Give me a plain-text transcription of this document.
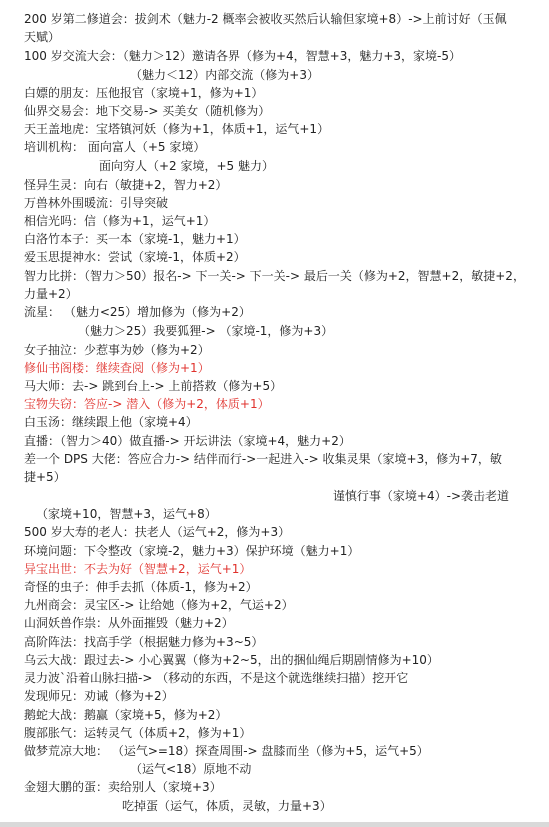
200 岁第二修道会：拔剑术（魅力-2 概率会被收买然后认输但家境+8）->上前讨好（玉佩
天赋）
100 岁交流大会：（魅力＞12）邀请各界（修为+4，智慧+3，魅力+3，家境-5）
（魅力＜12）内部交流（修为+3）
白嫖的朋友：压他报官（家境+1，修为+1）
仙界交易会：地下交易-> 买美女（随机修为）
天王盖地虎：宝塔镇河妖（修为+1，体质+1，运气+1）
培训机构： 面向富人（+5 家境）
面向穷人（+2 家境，+5 魅力）
怪异生灵：向右（敏捷+2，智力+2）
万兽林外围暖流：引导突破
相信光吗：信（修为+1，运气+1）
白洛竹本子：买一本（家境-1，魅力+1）
爱玉思提神水：尝试（家境-1，体质+2）
智力比拼：（智力＞50）报名-> 下一关-> 下一关-> 最后一关（修为+2，智慧+2，敏捷+2，
力量+2）
流星： （魅力<25）增加修为（修为+2）
（魅力＞25）我要狐狸-> （家境-1，修为+3）
女子抽泣：少惹事为妙（修为+2）
修仙书阁楼：继续查阅（修为+1）
马大师：去-> 跳到台上-> 上前搭救（修为+5）
宝物失窃：答应-> 潜入（修为+2，体质+1）
白玉汤：继续跟上他（家境+4）
直播：（智力＞40）做直播-> 开坛讲法（家境+4，魅力+2）
差一个 DPS 大佬：答应合力-> 结伴而行->一起进入-> 收集灵果（家境+3，修为+7，敏
捷+5）
谨慎行事（家境+4）->袭击老道
（家境+10，智慧+3，运气+8）
500 岁大寿的老人：扶老人（运气+2，修为+3）
环境问题：下令整改（家境-2，魅力+3）保护环境（魅力+1）
异宝出世：不去为好（智慧+2，运气+1）
奇怪的虫子：伸手去抓（体质-1，修为+2）
九州商会：灵宝区-> 让给她（修为+2，气运+2）
山洞妖兽作祟：从外面摧毁（魅力+2）
高阶阵法：找高手学（根据魅力修为+3~5）
乌云大战：跟过去-> 小心翼翼（修为+2~5，出的捆仙绳后期剧情修为+10）
灵力波`沿着山脉扫描-> （移动的东西，不是这个就选继续扫描）挖开它
发现师兄：劝诫（修为+2）
鹅蛇大战：鹅赢（家境+5，修为+2）
腹部胀气：运转灵气（体质+2，修为+1）
做梦荒凉大地： （运气>=18）探查周围-> 盘膝而坐（修为+5，运气+5）
（运气<18）原地不动
金翅大鹏的蛋：卖给别人（家境+3）
吃掉蛋（运气，体质，灵敏，力量+3）
